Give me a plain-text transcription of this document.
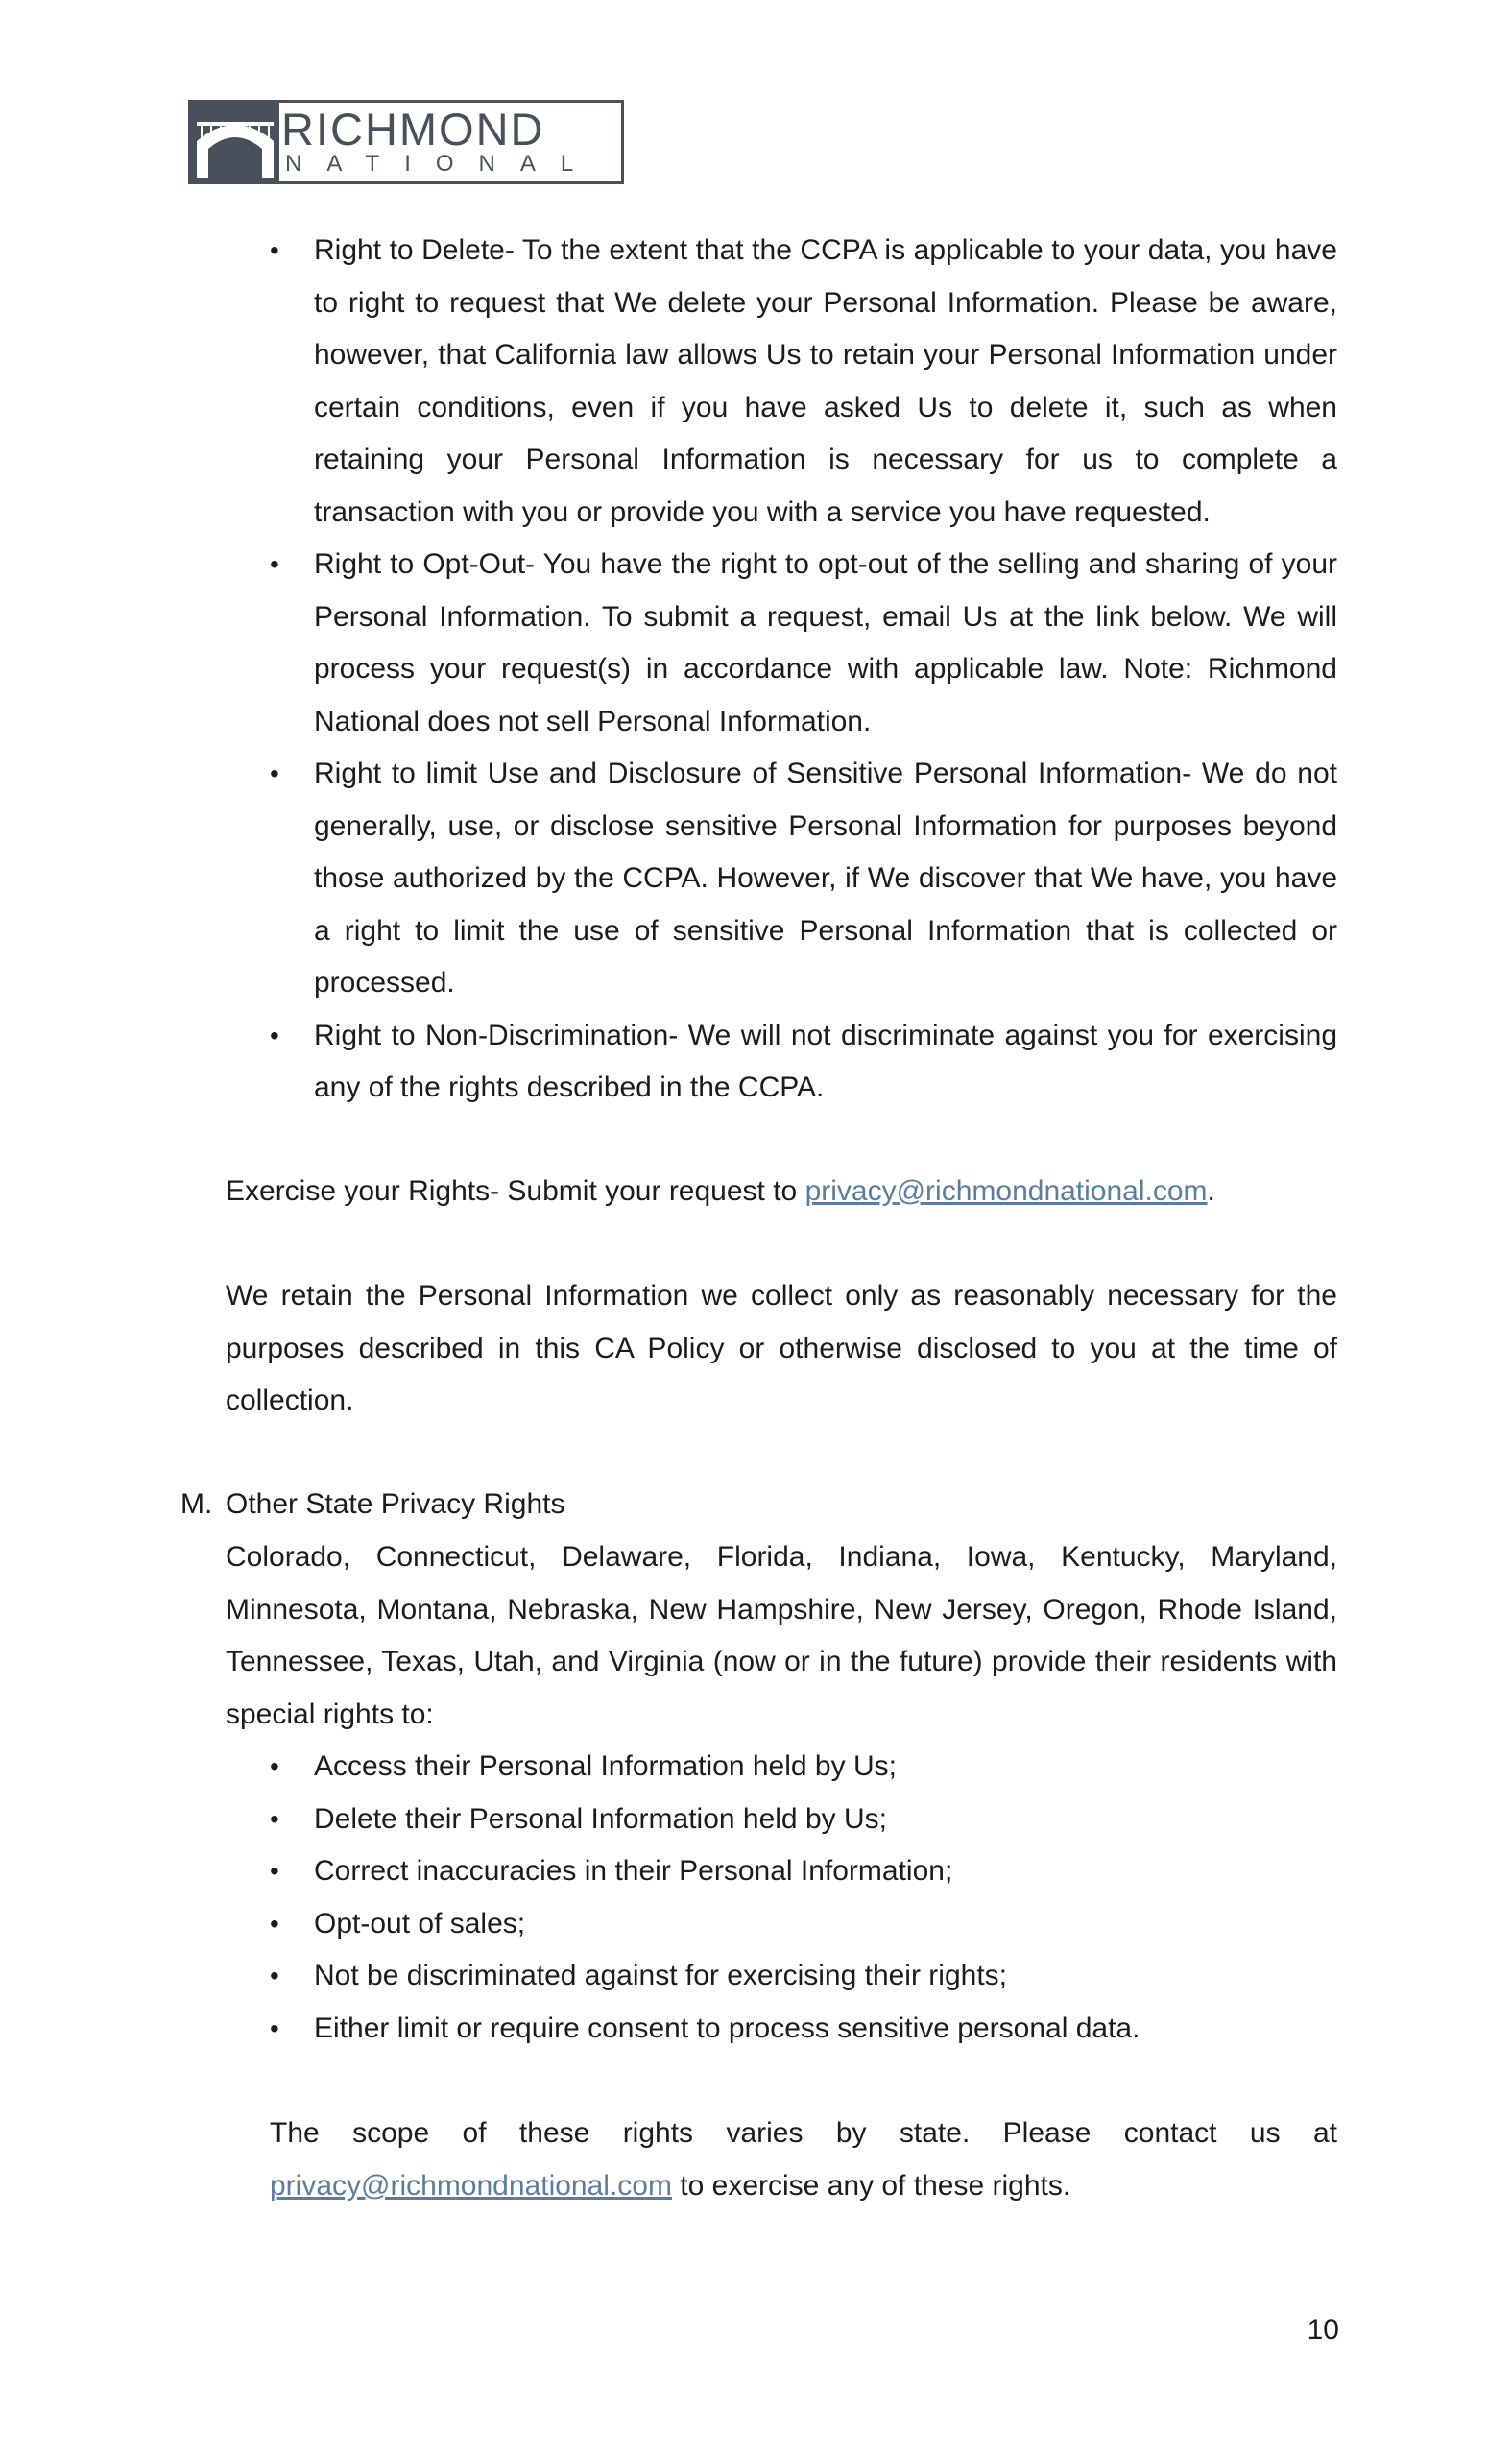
RICHMOND
NATIONAL
• Right to Delete- To the extent that the CCPA is applicable to your data, you have to right to request that We delete your Personal Information. Please be aware, however, that California law allows Us to retain your Personal Information under certain conditions, even if you have asked Us to delete it, such as when retaining your Personal Information is necessary for us to complete a transaction with you or provide you with a service you have requested.
• Right to Opt-Out- You have the right to opt-out of the selling and sharing of your Personal Information. To submit a request, email Us at the link below. We will process your request(s) in accordance with applicable law. Note: Richmond National does not sell Personal Information.
• Right to limit Use and Disclosure of Sensitive Personal Information- We do not generally, use, or disclose sensitive Personal Information for purposes beyond those authorized by the CCPA. However, if We discover that We have, you have a right to limit the use of sensitive Personal Information that is collected or processed.
• Right to Non-Discrimination- We will not discriminate against you for exercising any of the rights described in the CCPA.
Exercise your Rights- Submit your request to privacy@richmondnational.com.
We retain the Personal Information we collect only as reasonably necessary for the purposes described in this CA Policy or otherwise disclosed to you at the time of collection.
M. Other State Privacy Rights
Colorado, Connecticut, Delaware, Florida, Indiana, Iowa, Kentucky, Maryland, Minnesota, Montana, Nebraska, New Hampshire, New Jersey, Oregon, Rhode Island, Tennessee, Texas, Utah, and Virginia (now or in the future) provide their residents with special rights to:
• Access their Personal Information held by Us;
• Delete their Personal Information held by Us;
• Correct inaccuracies in their Personal Information;
• Opt-out of sales;
• Not be discriminated against for exercising their rights;
• Either limit or require consent to process sensitive personal data.
The scope of these rights varies by state. Please contact us at
privacy@richmondnational.com to exercise any of these rights.
10
